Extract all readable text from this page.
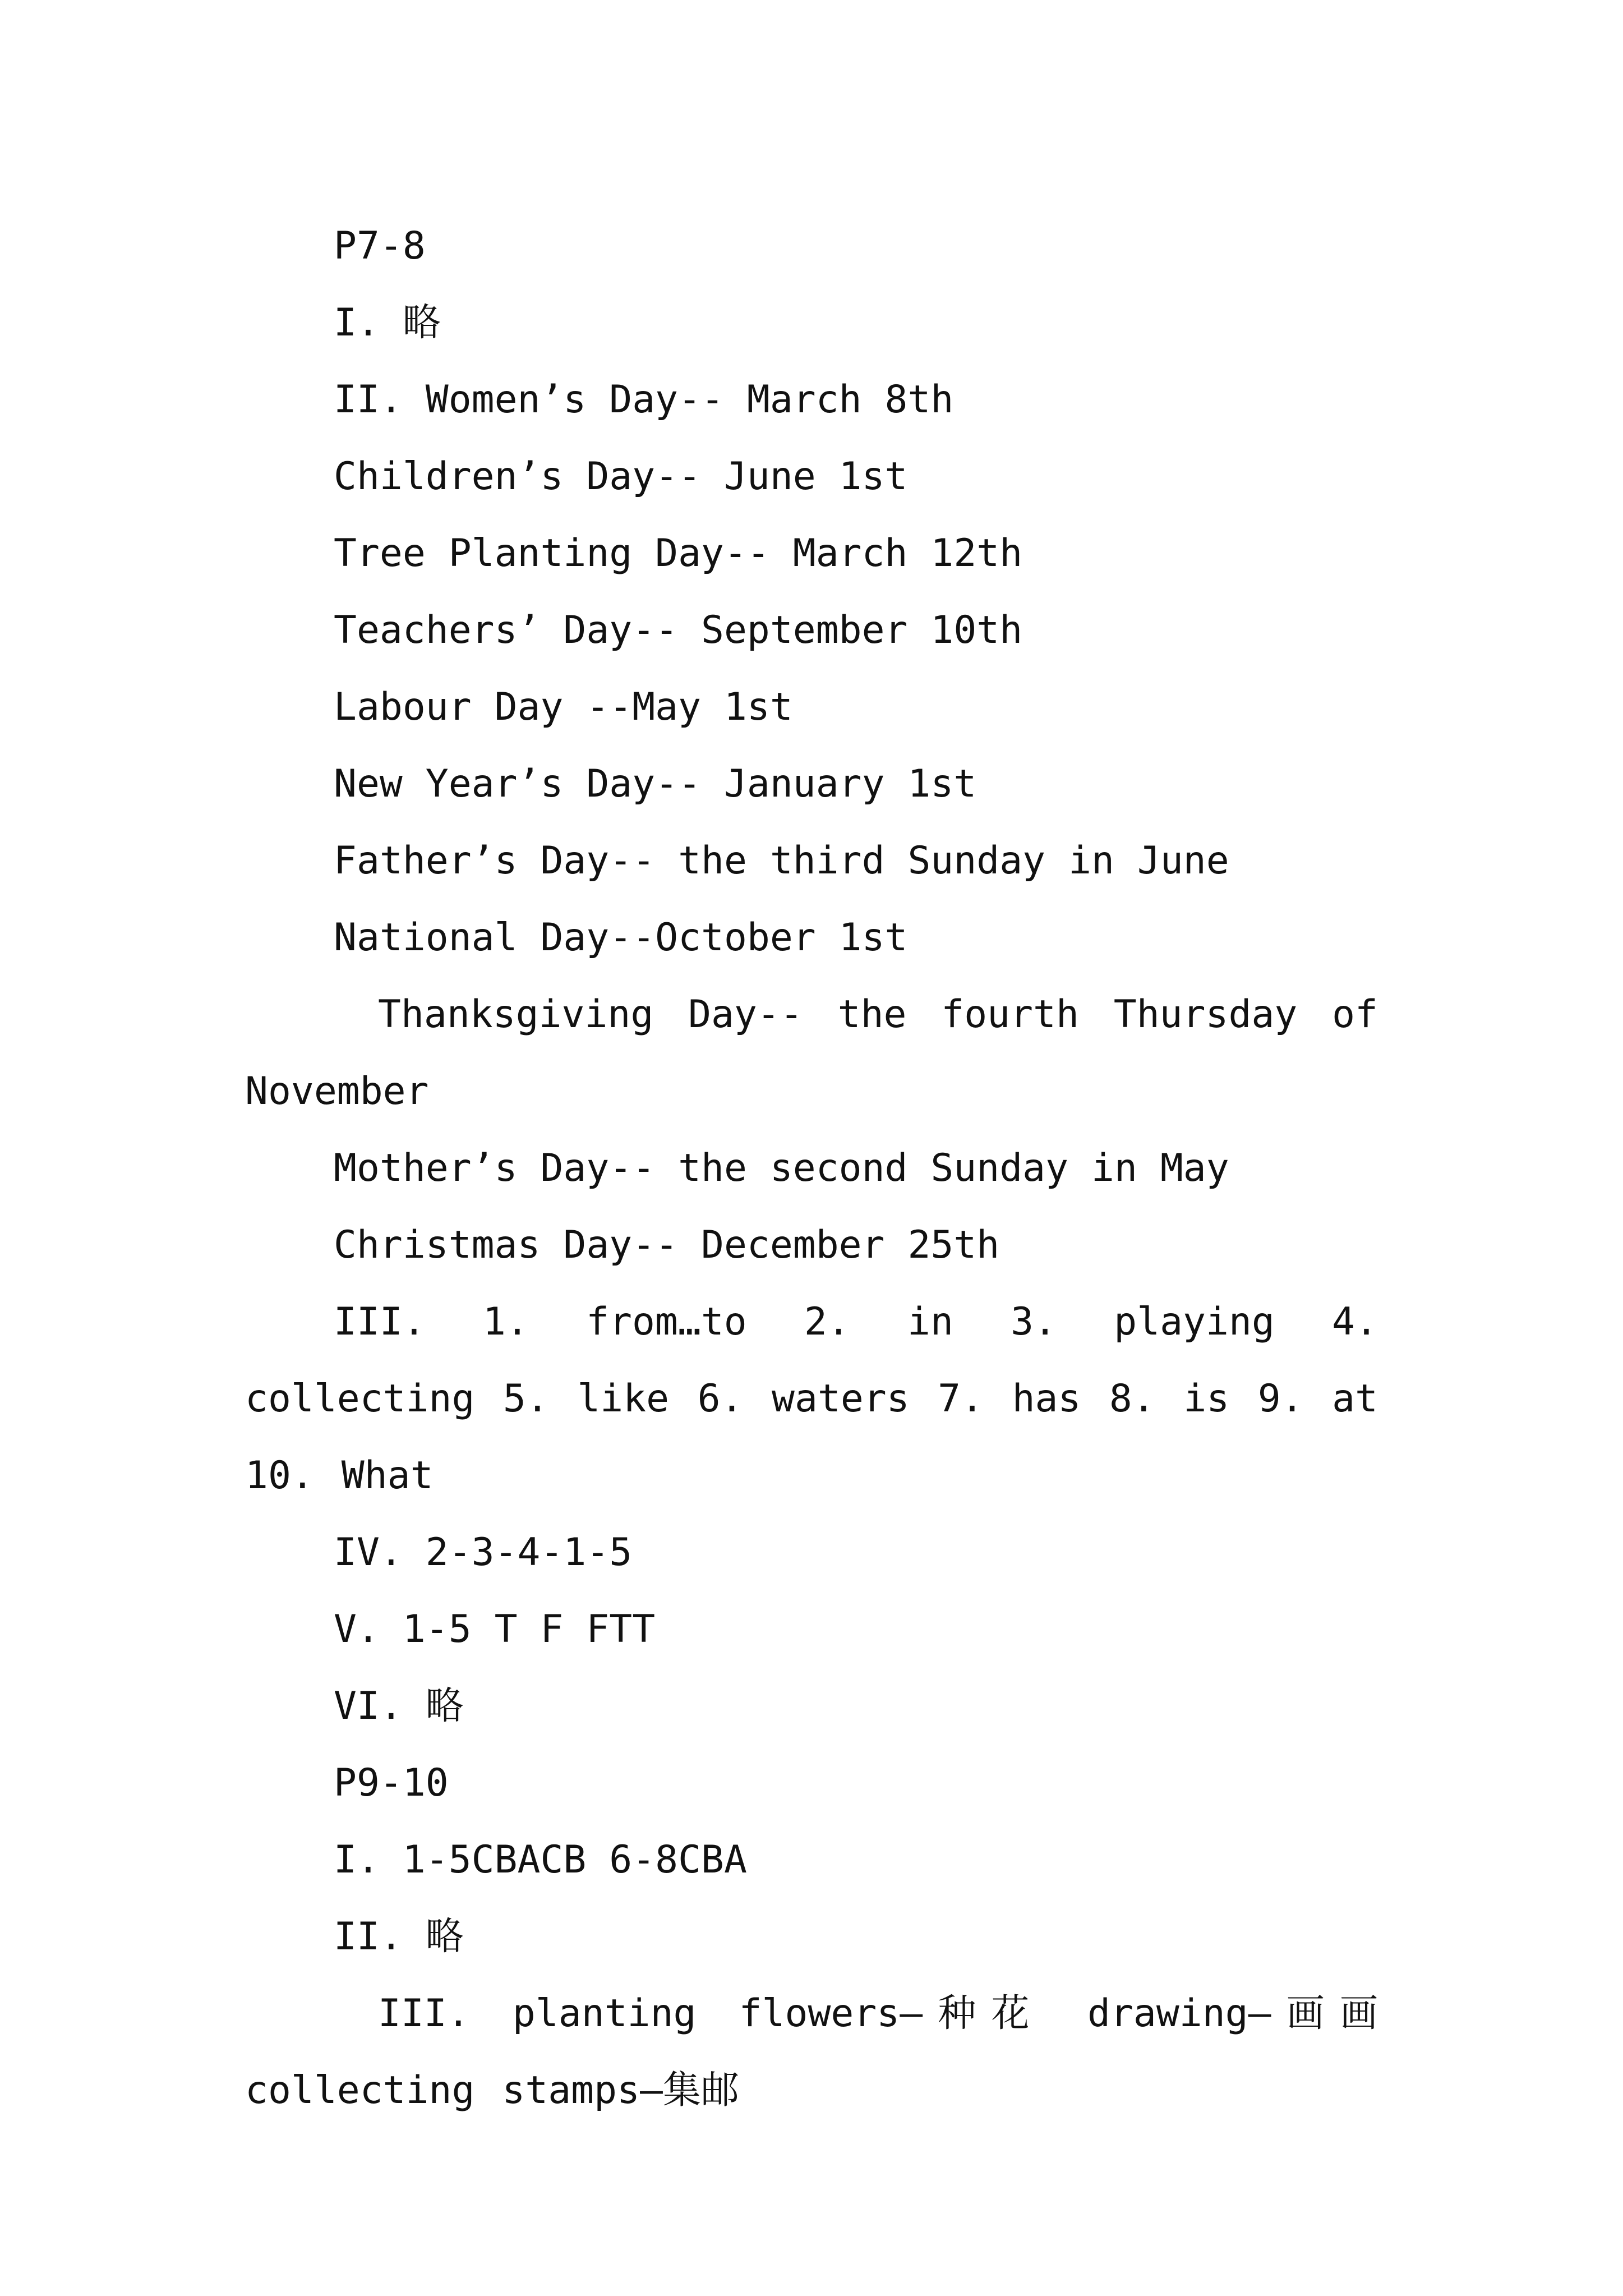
P7-8

I. 略

II. Women’s Day-- March 8th

Children’s Day-- June 1st

Tree Planting Day-- March 12th

Teachers’ Day-- September 10th

Labour Day --May 1st

New Year’s Day-- January 1st

Father’s Day-- the third Sunday in June

National Day--October 1st

Thanksgiving Day-- the fourth Thursday of November

Mother’s Day-- the second Sunday in May

Christmas Day-- December 25th

III. 1. from…to 2. in 3. playing 4. collecting 5. like 6. waters 7. has 8. is 9. at 10. What

IV. 2-3-4-1-5

V. 1-5 T F FTT

VI. 略

P9-10

I. 1-5CBACB 6-8CBA

II. 略

III. planting flowers—种花 drawing—画画 collecting stamps—集邮
